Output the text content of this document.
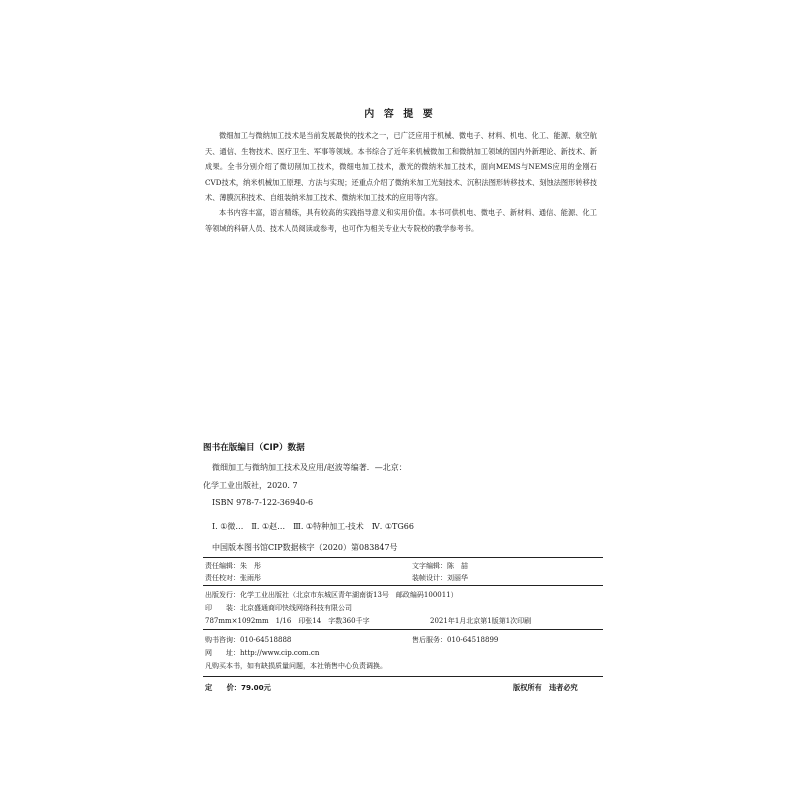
内 容 提 要

微细加工与微纳加工技术是当前发展最快的技术之一，已广泛应用于机械、微电子、材料、机电、化工、能源、航空航天、通信、生物技术、医疗卫生、军事等领域。本书综合了近年来机械微加工和微纳加工领域的国内外新理论、新技术、新成果。全书分别介绍了微切削加工技术，微细电加工技术，激光的微纳米加工技术，面向MEMS与NEMS应用的金刚石CVD技术，纳米机械加工原理、方法与实现；还重点介绍了微纳米加工光刻技术、沉积法图形转移技术、刻蚀法图形转移技术、薄膜沉积技术、自组装纳米加工技术、微纳米加工技术的应用等内容。

本书内容丰富，语言精练，具有较高的实践指导意义和实用价值。本书可供机电、微电子、新材料、通信、能源、化工等领域的科研人员、技术人员阅读或参考，也可作为相关专业大专院校的教学参考书。

图书在版编目（CIP）数据
微细加工与微纳加工技术及应用/赵波等编著．—北京：
化学工业出版社，2020. 7
ISBN 978-7-122-36940-6
Ⅰ. ①微…　Ⅱ. ①赵…　Ⅲ. ①特种加工-技术　Ⅳ. ①TG66
中国版本图书馆CIP数据核字（2020）第083847号
责任编辑：朱　彤	文字编辑：陈　喆
责任校对：张雨彤	装帧设计：刘丽华
出版发行：化学工业出版社（北京市东城区青年湖南街13号　邮政编码100011）
印　　装：北京盛通商印快线网络科技有限公司
787mm×1092mm　1/16　印张14　字数360千字	2021年1月北京第1版第1次印刷
购书咨询：010-64518888	售后服务：010-64518899
网　　址：http://www.cip.com.cn
凡购买本书，如有缺损质量问题，本社销售中心负责调换。
定　　价：79.00元	版权所有　违者必究
